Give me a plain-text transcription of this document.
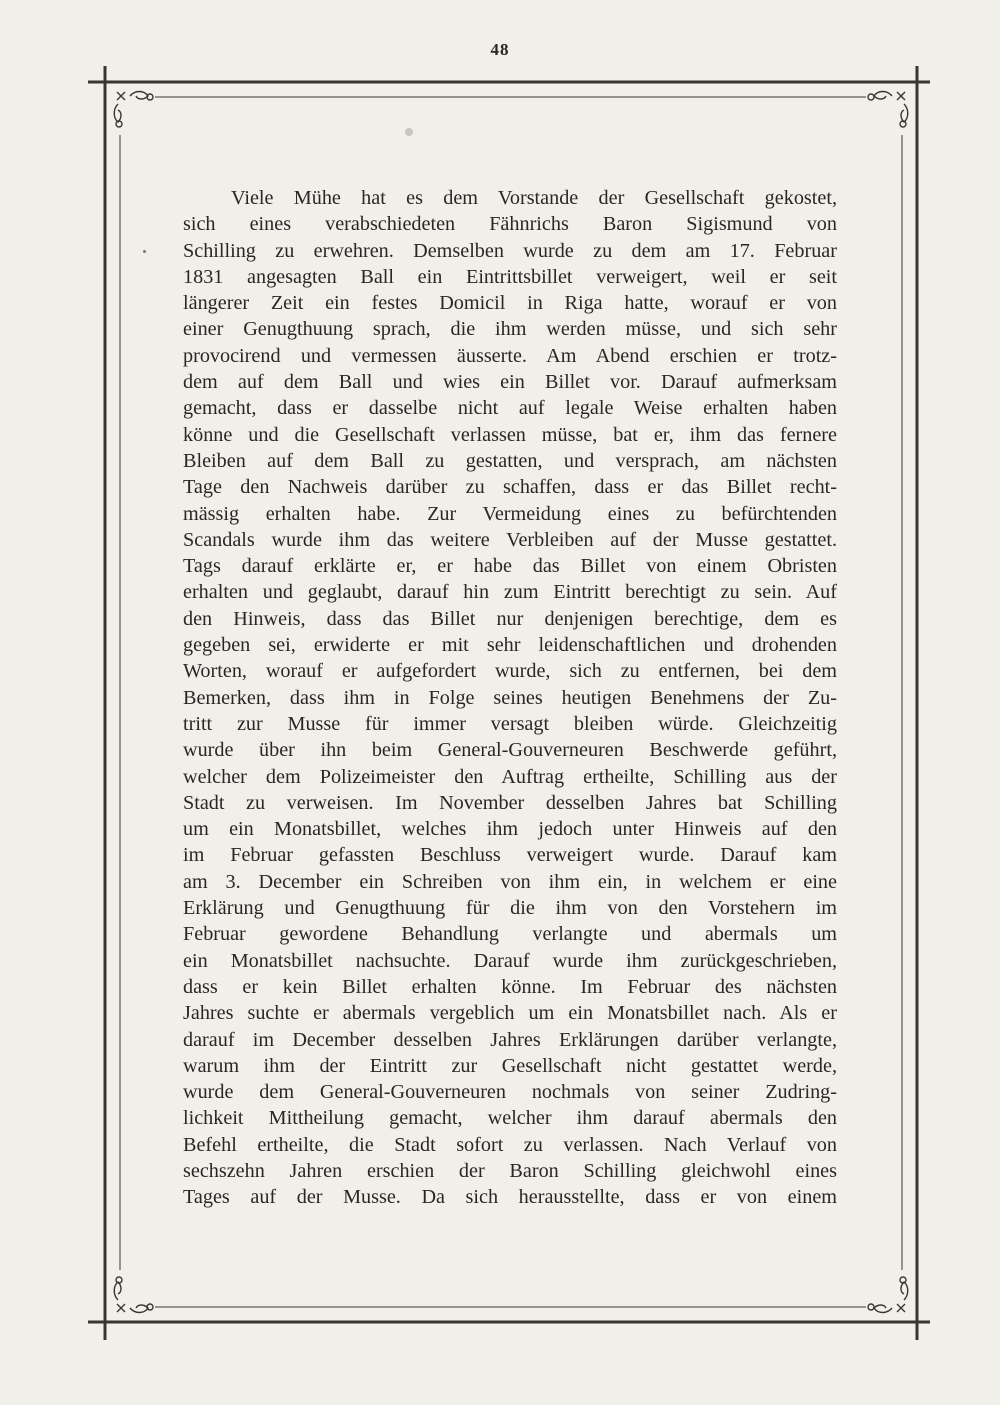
48
Viele Mühe hat es dem Vorstande der Gesellschaft gekostet,
sich eines verabschiedeten Fähnrichs Baron Sigismund von
Schilling zu erwehren. Demselben wurde zu dem am 17. Februar
1831 angesagten Ball ein Eintrittsbillet verweigert, weil er seit
längerer Zeit ein festes Domicil in Riga hatte, worauf er von
einer Genugthuung sprach, die ihm werden müsse, und sich sehr
provocirend und vermessen äusserte. Am Abend erschien er trotz-
dem auf dem Ball und wies ein Billet vor. Darauf aufmerksam
gemacht, dass er dasselbe nicht auf legale Weise erhalten haben
könne und die Gesellschaft verlassen müsse, bat er, ihm das fernere
Bleiben auf dem Ball zu gestatten, und versprach, am nächsten
Tage den Nachweis darüber zu schaffen, dass er das Billet recht-
mässig erhalten habe. Zur Vermeidung eines zu befürchtenden
Scandals wurde ihm das weitere Verbleiben auf der Musse gestattet.
Tags darauf erklärte er, er habe das Billet von einem Obristen
erhalten und geglaubt, darauf hin zum Eintritt berechtigt zu sein. Auf
den Hinweis, dass das Billet nur denjenigen berechtige, dem es
gegeben sei, erwiderte er mit sehr leidenschaftlichen und drohenden
Worten, worauf er aufgefordert wurde, sich zu entfernen, bei dem
Bemerken, dass ihm in Folge seines heutigen Benehmens der Zu-
tritt zur Musse für immer versagt bleiben würde. Gleichzeitig
wurde über ihn beim General-Gouverneuren Beschwerde geführt,
welcher dem Polizeimeister den Auftrag ertheilte, Schilling aus der
Stadt zu verweisen. Im November desselben Jahres bat Schilling
um ein Monatsbillet, welches ihm jedoch unter Hinweis auf den
im Februar gefassten Beschluss verweigert wurde. Darauf kam
am 3. December ein Schreiben von ihm ein, in welchem er eine
Erklärung und Genugthuung für die ihm von den Vorstehern im
Februar gewordene Behandlung verlangte und abermals um
ein Monatsbillet nachsuchte. Darauf wurde ihm zurückgeschrieben,
dass er kein Billet erhalten könne. Im Februar des nächsten
Jahres suchte er abermals vergeblich um ein Monatsbillet nach. Als er
darauf im December desselben Jahres Erklärungen darüber verlangte,
warum ihm der Eintritt zur Gesellschaft nicht gestattet werde,
wurde dem General-Gouverneuren nochmals von seiner Zudring-
lichkeit Mittheilung gemacht, welcher ihm darauf abermals den
Befehl ertheilte, die Stadt sofort zu verlassen. Nach Verlauf von
sechszehn Jahren erschien der Baron Schilling gleichwohl eines
Tages auf der Musse. Da sich herausstellte, dass er von einem
